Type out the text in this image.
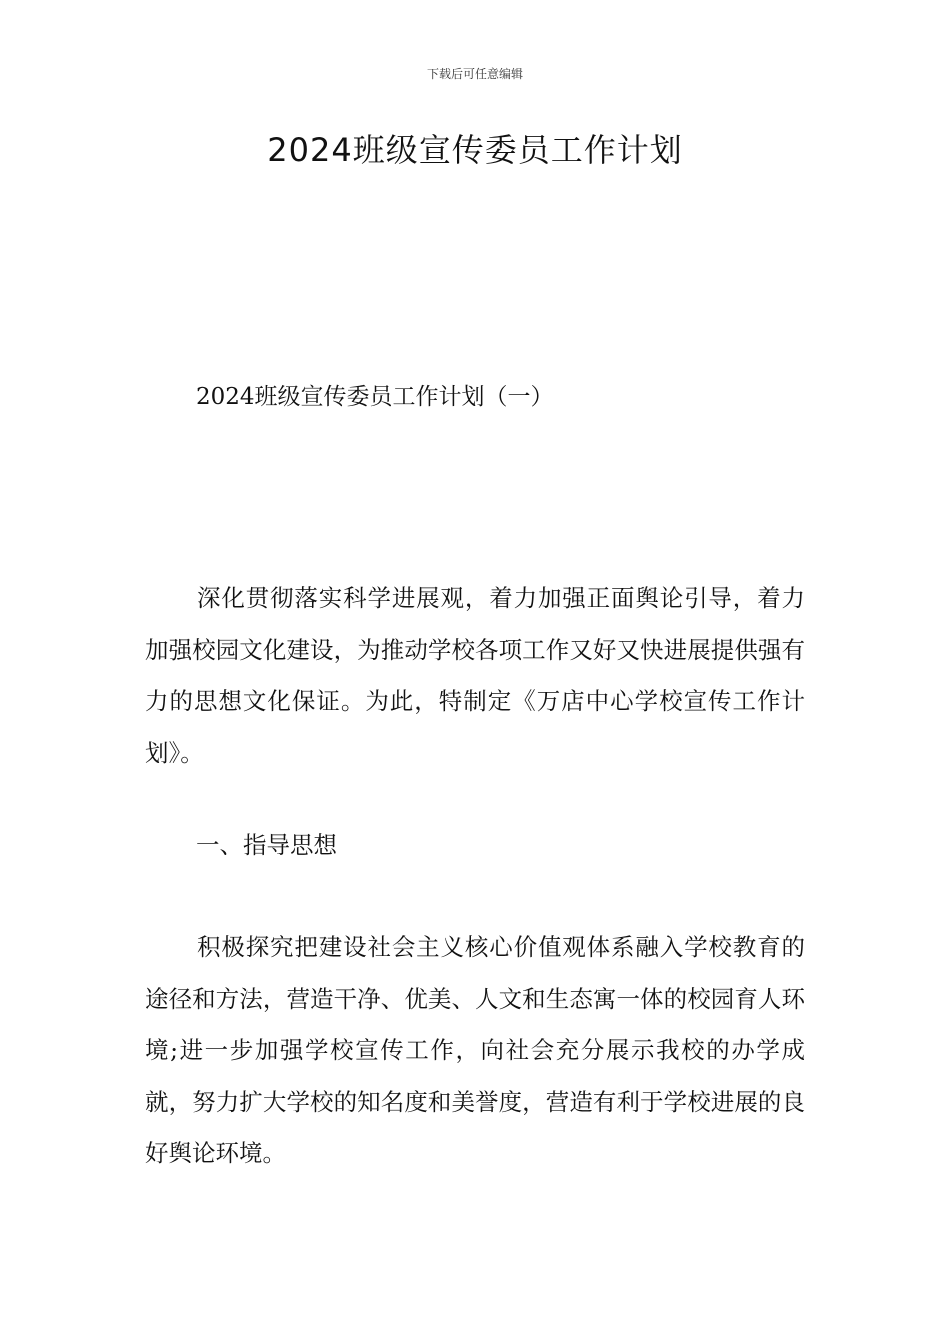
下载后可任意编辑
2024班级宣传委员工作计划
2024班级宣传委员工作计划（一）

深化贯彻落实科学进展观，着力加强正面舆论引导，着力加强校园文化建设，为推动学校各项工作又好又快进展提供强有力的思想文化保证。为此，特制定《万店中心学校宣传工作计划》。

一、指导思想

积极探究把建设社会主义核心价值观体系融入学校教育的途径和方法，营造干净、优美、人文和生态寓一体的校园育人环境;进一步加强学校宣传工作，向社会充分展示我校的办学成就，努力扩大学校的知名度和美誉度，营造有利于学校进展的良好舆论环境。
